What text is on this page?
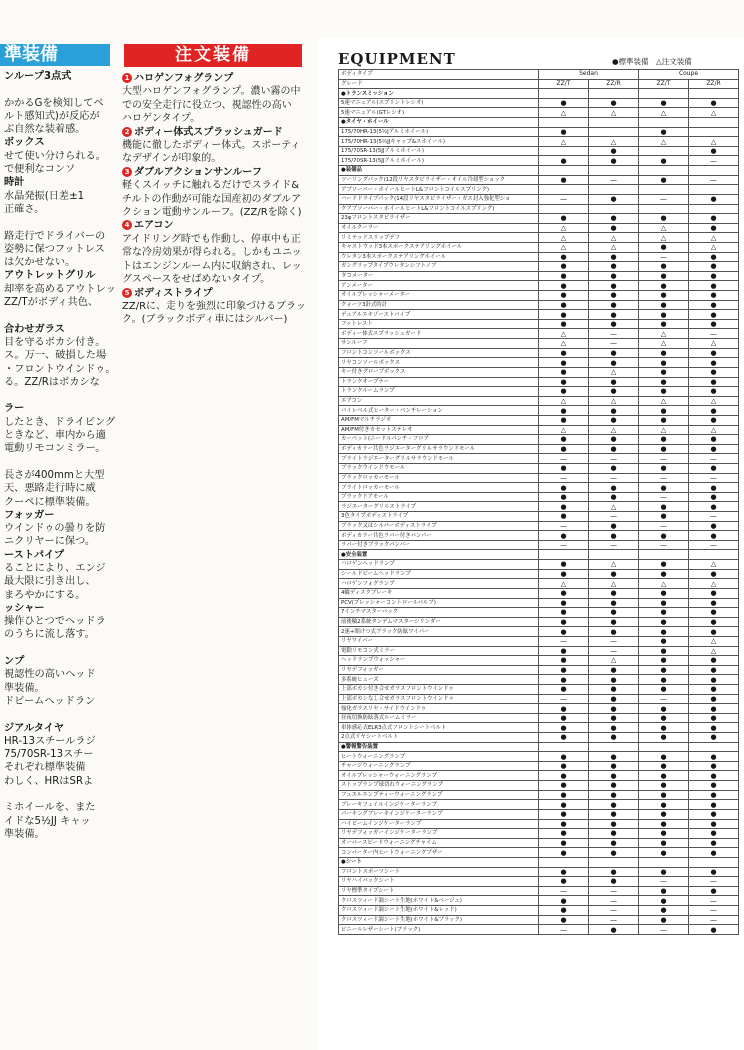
準装備
ンループ3点式

かかるGを検知してベ
ルト感知式)が反応が
ぶ自然な装着感。
ボックス
せて使い分けられる。
で便利なコンソ
時計
水晶発振(日差±1
正確さ。

路走行でドライバーの
姿勢に保つフットレス
は欠かせない。
アウトレットグリル
却率を高めるアウトレッ
ZZ/Tがボディ共色、

合わせガラス
目を守るボカシ付き。
ス。万一、破損した場
・フロントウインドゥ。
る。ZZ/Rはボカシな

ラー
したとき、ドライビング
ときなど、車内から適
電動リモコンミラー。

長さが400mmと大型
天、悪路走行時に威
クーペに標準装備。
フォッガー
ウインドゥの曇りを防
ニクリヤーに保つ。
ーストパイプ
ることにより、エンジ
最大限に引き出し、
まろやかにする。
ッシャー
操作ひとつでヘッドラ
のうちに流し落す。

ンプ
視認性の高いヘッド
準装備。
ドビームヘッドラン

ジアルタイヤ
HR-13スチールラジ
75/70SR-13スチー
それぞれ標準装備
わしく、HRはSRよ

ミホイールを、また
イドな5½JJ キャッ
準装備。
注文装備
1 ハロゲンフォグランプ
大型ハロゲンフォグランプ。濃い霧の中
での安全走行に役立つ、視認性の高い
ハロゲンタイプ。
2 ボディー体式スプラッシュガード
機能に徹したボディー体式。スポーティ
なデザインが印象的。
3 ダブルアクションサンルーフ
軽くスイッチに触れるだけでスライド&
チルトの作動が可能な国産初のダブルア
クション電動サンルーフ。(ZZ/Rを除く)
4 エアコン
アイドリング時でも作動し、停車中も正
常な冷房効果が得られる。しかもユニッ
トはエンジンルーム内に収納され、レッ
グスペースをせばめないタイプ。
5 ボディストライプ
ZZ/Rに、走りを強烈に印象づけるブラッ
ク。(ブラックボディ車にはシルバー)
EQUIPMENT	●標準装備　△注文装備
ボディタイプ	Sedan		Coupe	
グレード	ZZ/T	ZZ/R	ZZ/T	ZZ/R
●トランスミッション				
5速マニュアル(スプリントレシオ)	●	●	●	●
5速マニュアル(GTレシオ)	△	△	△	△
●タイヤ・ホイール				
175/70HR-13(5½Jアルミホイール)	●		●	
175/70HR-13(5½JJキャップ&スホイール)	△	△	△	△
175/70SR-13(5JJアルミホイール)		●		●
175/70SR-13(5JJアルミホイール)	●	●	●	—
●装備品				
ツーリングパック(12段リヤスタビライザー・オイル冷却型ショック	●	—	●	—
アブソーバー・ホイールヒートL&フロントコイルスプリング)				
ハードドライブパック(14段リヤスタビライザー・ガス封入強化型ショ	—	●	—	●
クアブソーバー・ホイールヒートL&フロントコイルスプリング)				
23φフロントスタビライザー	●	●	●	●
オイルクーラー	△	●	△	●
リミテッドスリップデフ	△	△	△	△
キャストウッド3本スポークステアリングホイール	△	△	●	△
ウレタン3本スポークステアリングホイール	●	●	—	●
ガングリップタイプウレタンシフトノブ	●	●	●	●
タコメーター	●	●	●	●
アンメーター	●	●	●	●
オイルプレッシャーメーター	●	●	●	●
クォーツ3針式時計	●	●	●	●
デュアルエキゾーストパイプ	●	●	●	●
フットレスト	●	●	●	●
ボディー体式スプラッシュガード	△	—	△	—
サンルーフ	△	—	△	△
フロントコンソールボックス	●	●	●	●
リヤコンソールボックス	●	●	●	●
キー付きグローブボックス	●	△	●	●
トランクオープナー	●	●	●	●
トランクルームランプ	●	●	●	●
エアコン	△	△	△	△
パイレベル式ヒーター・ベンチレーション	●	●	●	●
AM/FMマルチラジオ	●	●	●	●
AM/FM付きカセットステレオ	△	△	△	△
カーペット(ニードルパンチ・フロア	●	●	●	●
ボディカラー共色ラジエーターグリルサラウンドモール	●	●	●	●
ブライトラジエーターグリルサラウンドモール	—	—	—	—
ブラックウインドウモール	●	●	●	●
ブラックロッカーモール	—	—	—	—
ブライトロッカーモール	●	●	●	●
ブラックドアモール	●	●	—	●
ラジエーターグリルストライプ	●	△	●	●
3色タイプボディストライプ	●	—	●	—
ブラック又はシルバーボディストライプ	—	●	—	●
ボディカラー共色ラバー付きバンパー	●	●	●	●
ラバー付きブラックバンパー	—	—	—	—
●安全装置				
ハロゲンヘッドランプ	●	△	●	△
シールドビームヘッドランプ	●	●	●	●
ハロゲンフォグランプ	△	△	△	△
4輪ディスクブレーキ	●	●	●	●
PCV(プレッシャーコントロールバルブ)	●	●	●	●
7インチマスターバック	●	●	●	●
前後輪2系統タンデムマスターシリンダー	●	●	●	●
2速+間けつ式ブラック防眩ワイパー	●	●	●	●
リヤワイパー	—	—	●	△
電動リモコン式ミラー	●	—	●	△
ヘッドランプウォッシャー	●	△	●	●
リヤデフォッガー	●	●	●	●
多系統ヒューズ	●	●	●	●
上部ボカシ付き合せガラスフロントウインドゥ	●	●	●	●
上部ボカシなし合せガラスフロントウインドゥ	—	●	—	●
強化ガラスリヤ・サイドウインドゥ	●	●	●	●
昼夜切換防眩落式ルームミラー	●	●	●	●
車体感応式ELR3点式フロントシートベルト	●	●	●	●
2点式リヤシートベルト	●	●	●	●
●警報警告装置				
ヒートウォーニングランプ	●	●	●	●
チャージウォーニングランプ	●	●	●	●
オイルプレッシャーウォーニングランプ	●	●	●	●
ストップランプ球切れウォーニングランプ	●	●	●	●
フュエルエンプティーウォーニングランプ	●	●	●	●
ブレーキフェイルインジケーターランプ	●	●	●	●
パーキングブレーキインジケーターランプ	●	●	●	●
ハイビームインジケーターランプ	●	●	●	●
リヤデフォッガーインジケーターランプ	●	●	●	●
オーバースピードウォーニングチャイム	●	●	●	●
コンバーター内ヒートウォーニングブザー	●	●	●	●
●シート				
フロントスポーツシート	●	●	●	●
リヤハイバックシート	●	●	—	—
リヤ標準タイプシート	—	—	●	●
クロスツィード調シート生地(ホワイト&ベージュ)	●	—	●	—
クロスツィード調シート生地(ホワイト&レッド)	●	—	●	—
クロスツィード調シート生地(ホワイト&ブラック)	●	—	●	—
ビニールレザーシート(ブラック)	—	●	—	●
